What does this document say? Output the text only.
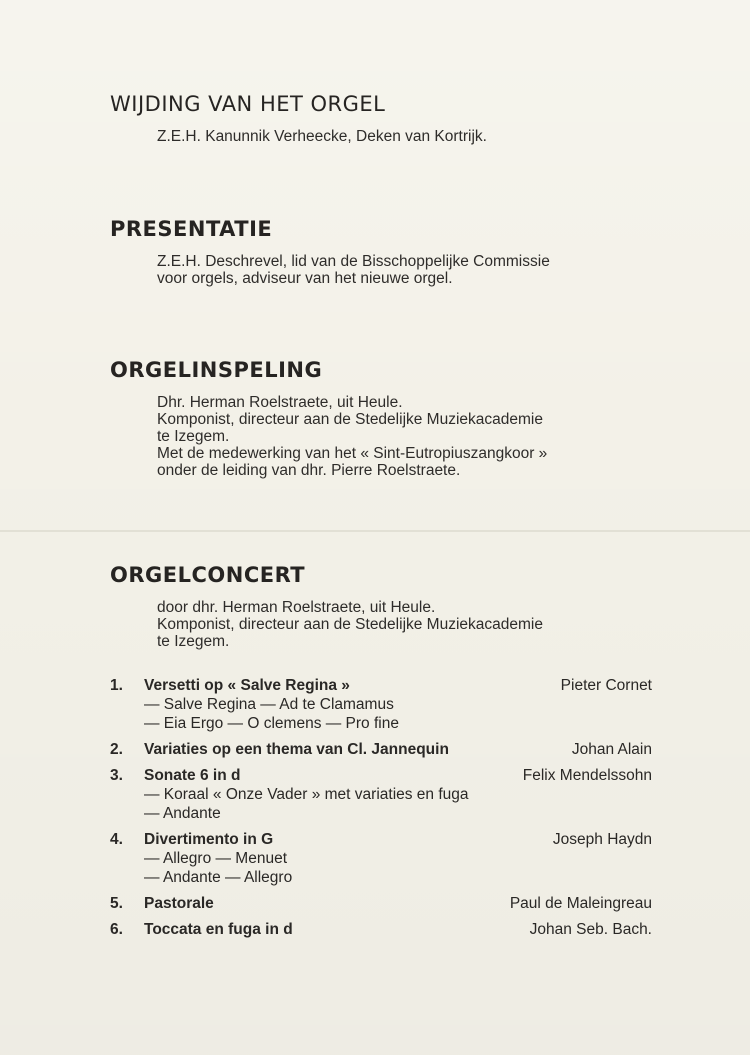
WIJDING VAN HET ORGEL
Z.E.H. Kanunnik Verheecke, Deken van Kortrijk.
PRESENTATIE
Z.E.H. Deschrevel, lid van de Bisschoppelijke Commissie
voor orgels, adviseur van het nieuwe orgel.
ORGELINSPELING
Dhr. Herman Roelstraete, uit Heule.
Komponist, directeur aan de Stedelijke Muziekacademie
te Izegem.
Met de medewerking van het « Sint-Eutropiuszangkoor »
onder de leiding van dhr. Pierre Roelstraete.
ORGELCONCERT
door dhr. Herman Roelstraete, uit Heule.
Komponist, directeur aan de Stedelijke Muziekacademie
te Izegem.
1.	Versetti op « Salve Regina »	Pieter Cornet
— Salve Regina — Ad te Clamamus
— Eia Ergo — O clemens — Pro fine
2.	Variaties op een thema van Cl. Jannequin	Johan Alain
3.	Sonate 6 in d	Felix Mendelssohn
— Koraal « Onze Vader » met variaties en fuga
— Andante
4.	Divertimento in G	Joseph Haydn
— Allegro — Menuet
— Andante — Allegro
5.	Pastorale	Paul de Maleingreau
6.	Toccata en fuga in d	Johan Seb. Bach.
